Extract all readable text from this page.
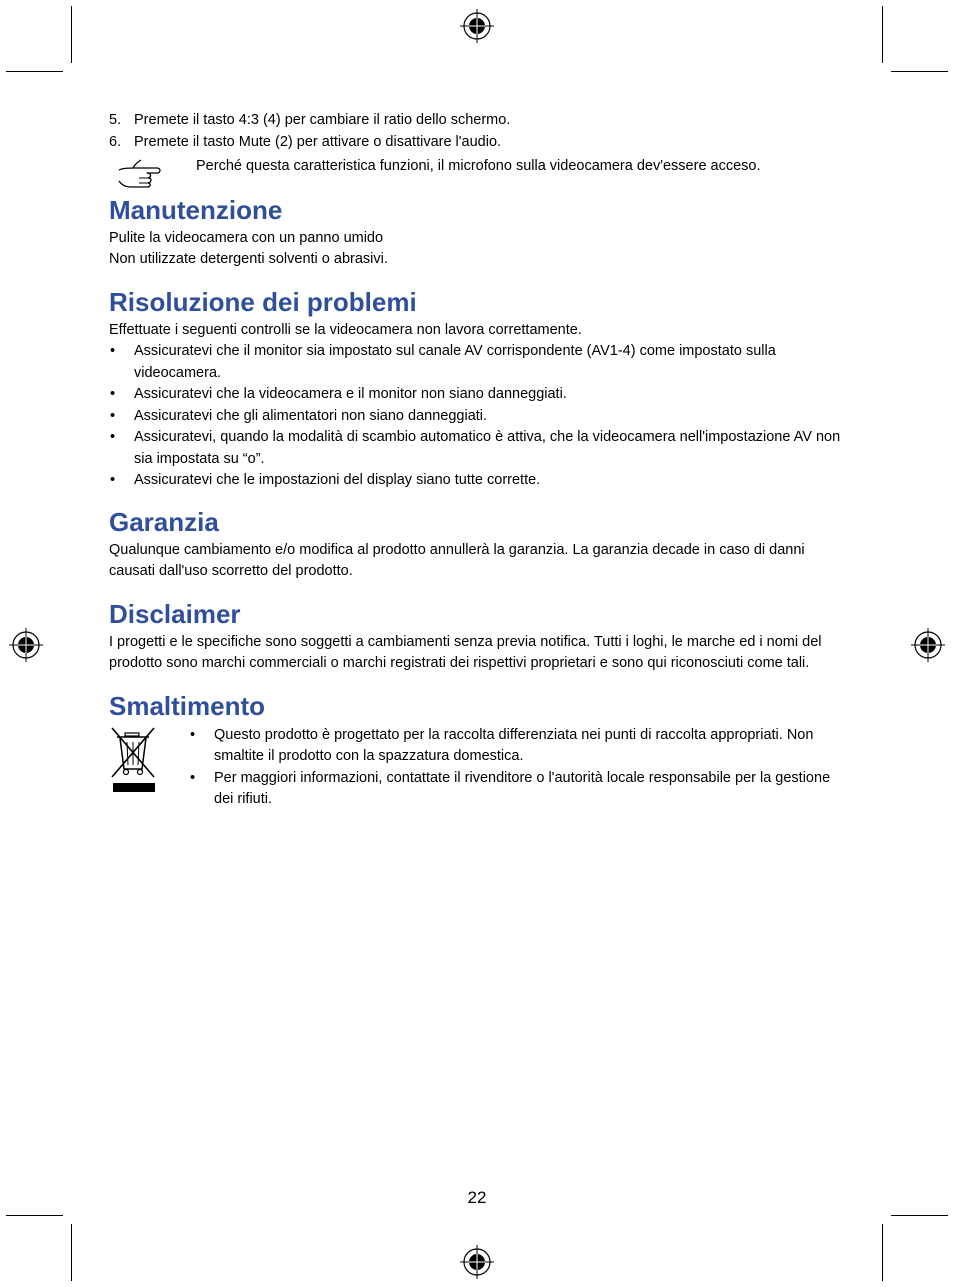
5. Premete il tasto 4:3 (4) per cambiare il ratio dello schermo.
6. Premete il tasto Mute (2) per attivare o disattivare l'audio.
Perché questa caratteristica funzioni, il microfono sulla videocamera dev'essere acceso.
Manutenzione

Pulite la videocamera con un panno umido

Non utilizzate detergenti solventi o abrasivi.

Risoluzione dei problemi

Effettuate i seguenti controlli se la videocamera non lavora correttamente.

• Assicuratevi che il monitor sia impostato sul canale AV corrispondente (AV1-4) come impostato sulla videocamera.
• Assicuratevi che la videocamera e il monitor non siano danneggiati.
• Assicuratevi che gli alimentatori non siano danneggiati.
• Assicuratevi, quando la modalità di scambio automatico è attiva, che la videocamera nell'impostazione AV non sia impostata su “o”.
• Assicuratevi che le impostazioni del display siano tutte corrette.
Garanzia

Qualunque cambiamento e/o modifica al prodotto annullerà la garanzia. La garanzia decade in caso di danni causati dall'uso scorretto del prodotto.

Disclaimer

I progetti e le specifiche sono soggetti a cambiamenti senza previa notifica. Tutti i loghi, le marche ed i nomi del prodotto sono marchi commerciali o marchi registrati dei rispettivi proprietari e sono qui riconosciuti come tali.

Smaltimento
• Questo prodotto è progettato per la raccolta differenziata nei punti di raccolta appropriati. Non smaltite il prodotto con la spazzatura domestica.
• Per maggiori informazioni, contattate il rivenditore o l'autorità locale responsabile per la gestione dei rifiuti.
22
